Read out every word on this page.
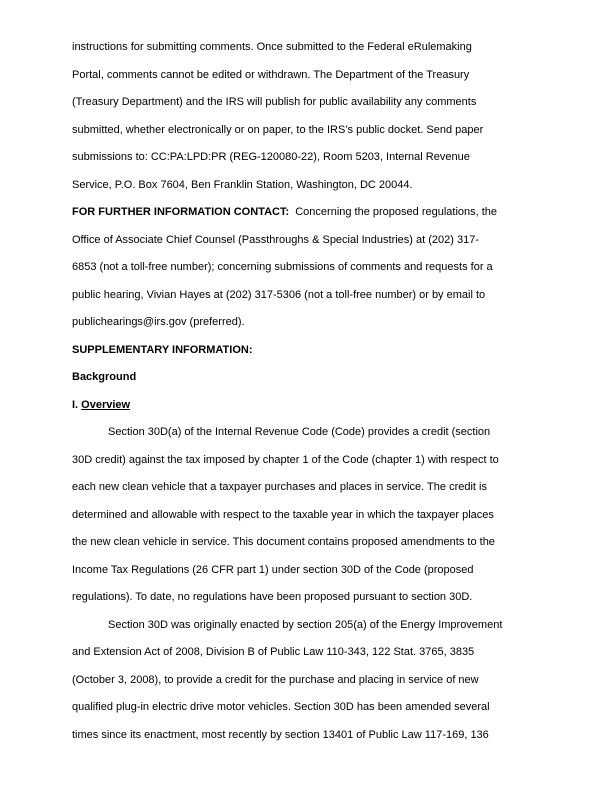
instructions for submitting comments. Once submitted to the Federal eRulemaking
Portal, comments cannot be edited or withdrawn. The Department of the Treasury
(Treasury Department) and the IRS will publish for public availability any comments
submitted, whether electronically or on paper, to the IRS’s public docket. Send paper
submissions to: CC:PA:LPD:PR (REG-120080-22), Room 5203, Internal Revenue
Service, P.O. Box 7604, Ben Franklin Station, Washington, DC 20044.
FOR FURTHER INFORMATION CONTACT:  Concerning the proposed regulations, the
Office of Associate Chief Counsel (Passthroughs & Special Industries) at (202) 317-
6853 (not a toll-free number); concerning submissions of comments and requests for a
public hearing, Vivian Hayes at (202) 317-5306 (not a toll-free number) or by email to
publichearings@irs.gov (preferred).
SUPPLEMENTARY INFORMATION:
Background
I. Overview
Section 30D(a) of the Internal Revenue Code (Code) provides a credit (section
30D credit) against the tax imposed by chapter 1 of the Code (chapter 1) with respect to
each new clean vehicle that a taxpayer purchases and places in service. The credit is
determined and allowable with respect to the taxable year in which the taxpayer places
the new clean vehicle in service. This document contains proposed amendments to the
Income Tax Regulations (26 CFR part 1) under section 30D of the Code (proposed
regulations). To date, no regulations have been proposed pursuant to section 30D.
Section 30D was originally enacted by section 205(a) of the Energy Improvement
and Extension Act of 2008, Division B of Public Law 110-343, 122 Stat. 3765, 3835
(October 3, 2008), to provide a credit for the purchase and placing in service of new
qualified plug-in electric drive motor vehicles. Section 30D has been amended several
times since its enactment, most recently by section 13401 of Public Law 117-169, 136
